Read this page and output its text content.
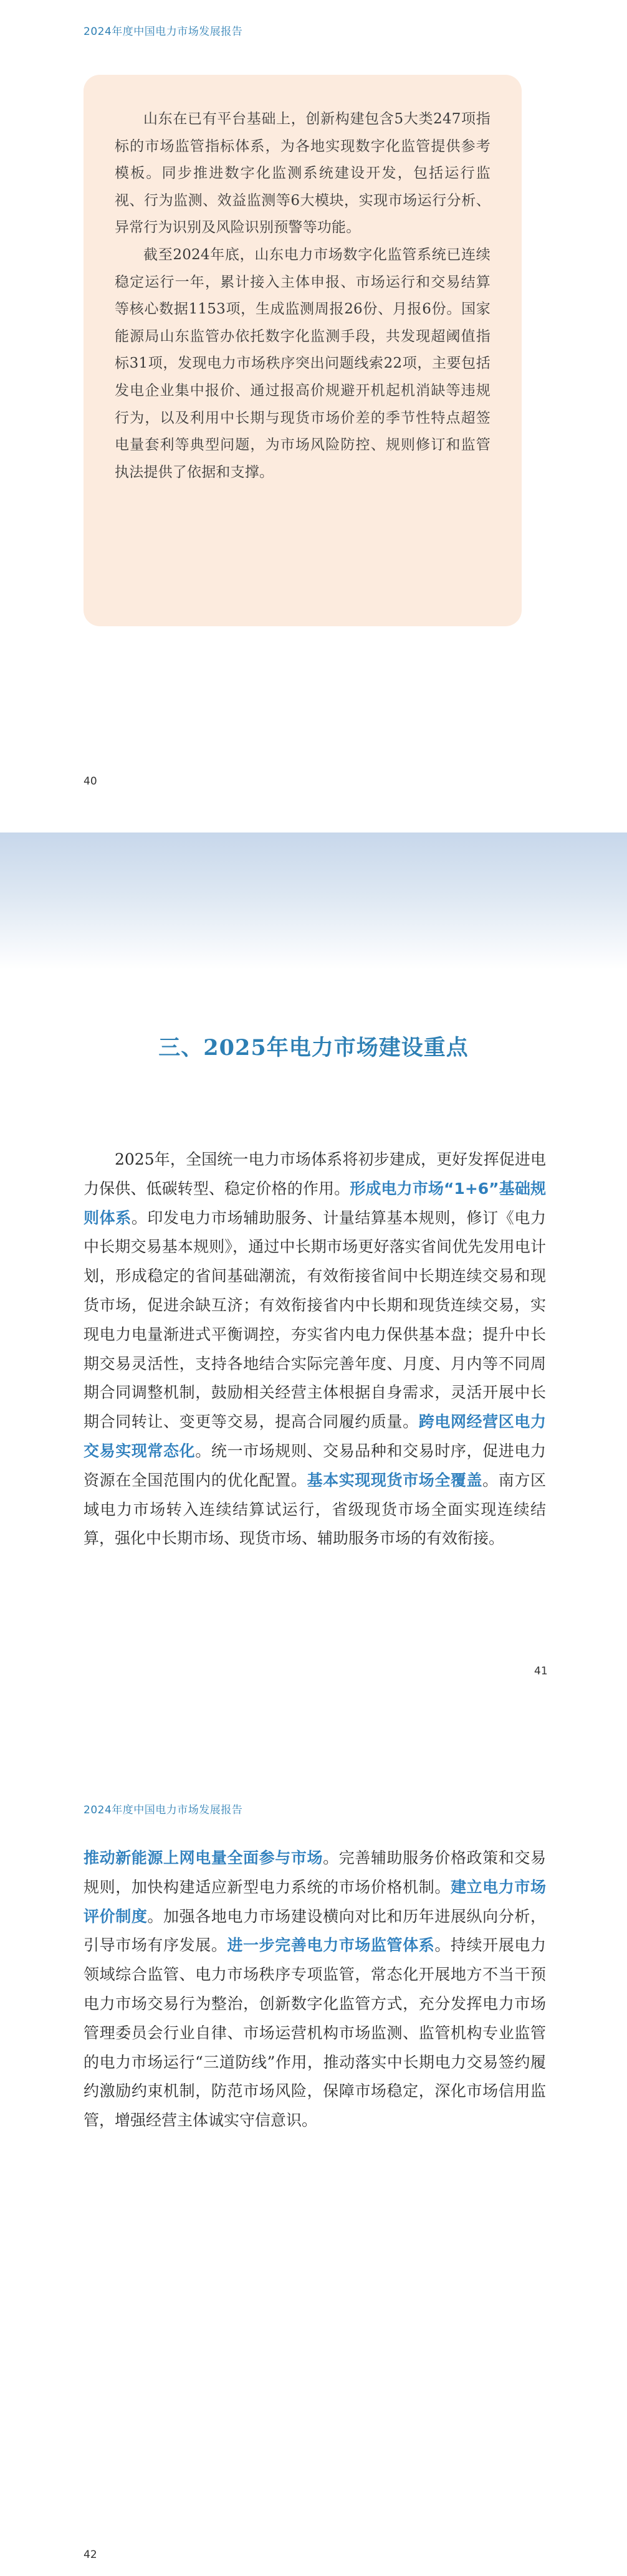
2024年度中国电力市场发展报告

山东在已有平台基础上，创新构建包含5大类247项指标的市场监管指标体系，为各地实现数字化监管提供参考模板。同步推进数字化监测系统建设开发，包括运行监视、行为监测、效益监测等6大模块，实现市场运行分析、异常行为识别及风险识别预警等功能。

截至2024年底，山东电力市场数字化监管系统已连续稳定运行一年，累计接入主体申报、市场运行和交易结算等核心数据1153项，生成监测周报26份、月报6份。国家能源局山东监管办依托数字化监测手段，共发现超阈值指标31项，发现电力市场秩序突出问题线索22项，主要包括发电企业集中报价、通过报高价规避开机起机消缺等违规行为，以及利用中长期与现货市场价差的季节性特点超签电量套利等典型问题，为市场风险防控、规则修订和监管执法提供了依据和支撑。

40
三、2025年电力市场建设重点

2025年，全国统一电力市场体系将初步建成，更好发挥促进电力保供、低碳转型、稳定价格的作用。形成电力市场“1+6”基础规则体系。印发电力市场辅助服务、计量结算基本规则，修订《电力中长期交易基本规则》，通过中长期市场更好落实省间优先发用电计划，形成稳定的省间基础潮流，有效衔接省间中长期连续交易和现货市场，促进余缺互济；有效衔接省内中长期和现货连续交易，实现电力电量渐进式平衡调控，夯实省内电力保供基本盘；提升中长期交易灵活性，支持各地结合实际完善年度、月度、月内等不同周期合同调整机制，鼓励相关经营主体根据自身需求，灵活开展中长期合同转让、变更等交易，提高合同履约质量。跨电网经营区电力交易实现常态化。统一市场规则、交易品种和交易时序，促进电力资源在全国范围内的优化配置。基本实现现货市场全覆盖。南方区域电力市场转入连续结算试运行，省级现货市场全面实现连续结算，强化中长期市场、现货市场、辅助服务市场的有效衔接。

41
2024年度中国电力市场发展报告

推动新能源上网电量全面参与市场。完善辅助服务价格政策和交易规则，加快构建适应新型电力系统的市场价格机制。建立电力市场评价制度。加强各地电力市场建设横向对比和历年进展纵向分析，引导市场有序发展。进一步完善电力市场监管体系。持续开展电力领域综合监管、电力市场秩序专项监管，常态化开展地方不当干预电力市场交易行为整治，创新数字化监管方式，充分发挥电力市场管理委员会行业自律、市场运营机构市场监测、监管机构专业监管的电力市场运行“三道防线”作用，推动落实中长期电力交易签约履约激励约束机制，防范市场风险，保障市场稳定，深化市场信用监管，增强经营主体诚实守信意识。

42
